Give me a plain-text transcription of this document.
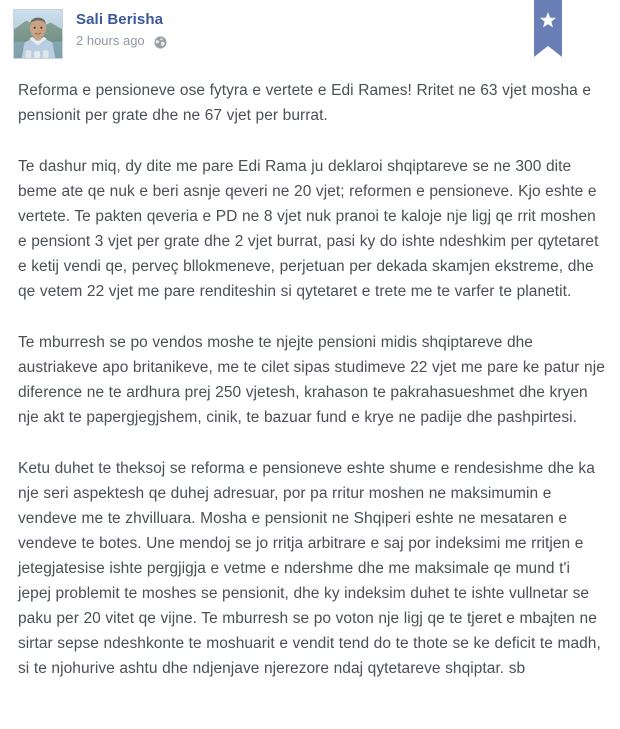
Sali Berisha
2 hours ago

Reforma e pensioneve ose fytyra e vertete e Edi Rames! Rritet ne 63 vjet mosha e pensionit per grate dhe ne 67 vjet per burrat.

Te dashur miq, dy dite me pare Edi Rama ju deklaroi shqiptareve se ne 300 dite beme ate qe nuk e beri asnje qeveri ne 20 vjet; reformen e pensioneve. Kjo eshte e vertete. Te pakten qeveria e PD ne 8 vjet nuk pranoi te kaloje nje ligj qe rrit moshen e pensiont 3 vjet per grate dhe 2 vjet burrat, pasi ky do ishte ndeshkim per qytetaret e ketij vendi qe, perveç bllokmeneve, perjetuan per dekada skamjen ekstreme, dhe qe vetem 22 vjet me pare renditeshin si qytetaret e trete me te varfer te planetit.

Te mburresh se po vendos moshe te njejte pensioni midis shqiptareve dhe austriakeve apo britanikeve, me te cilet sipas studimeve 22 vjet me pare ke patur nje diference ne te ardhura prej 250 vjetesh, krahason te pakrahasueshmet dhe kryen nje akt te papergjegjshem, cinik, te bazuar fund e krye ne padije dhe pashpirtesi.

Ketu duhet te theksoj se reforma e pensioneve eshte shume e rendesishme dhe ka nje seri aspektesh qe duhej adresuar, por pa rritur moshen ne maksimumin e vendeve me te zhvilluara. Mosha e pensionit ne Shqiperi eshte ne mesataren e vendeve te botes. Une mendoj se jo rritja arbitrare e saj por indeksimi me rritjen e jetegjatesise ishte pergjigja e vetme e ndershme dhe me maksimale qe mund t'i jepej problemit te moshes se pensionit, dhe ky indeksim duhet te ishte vullnetar se paku per 20 vitet qe vijne. Te mburresh se po voton nje ligj qe te tjeret e mbajten ne sirtar sepse ndeshkonte te moshuarit e vendit tend do te thote se ke deficit te madh, si te njohurive ashtu dhe ndjenjave njerezore ndaj qytetareve shqiptar. sb
